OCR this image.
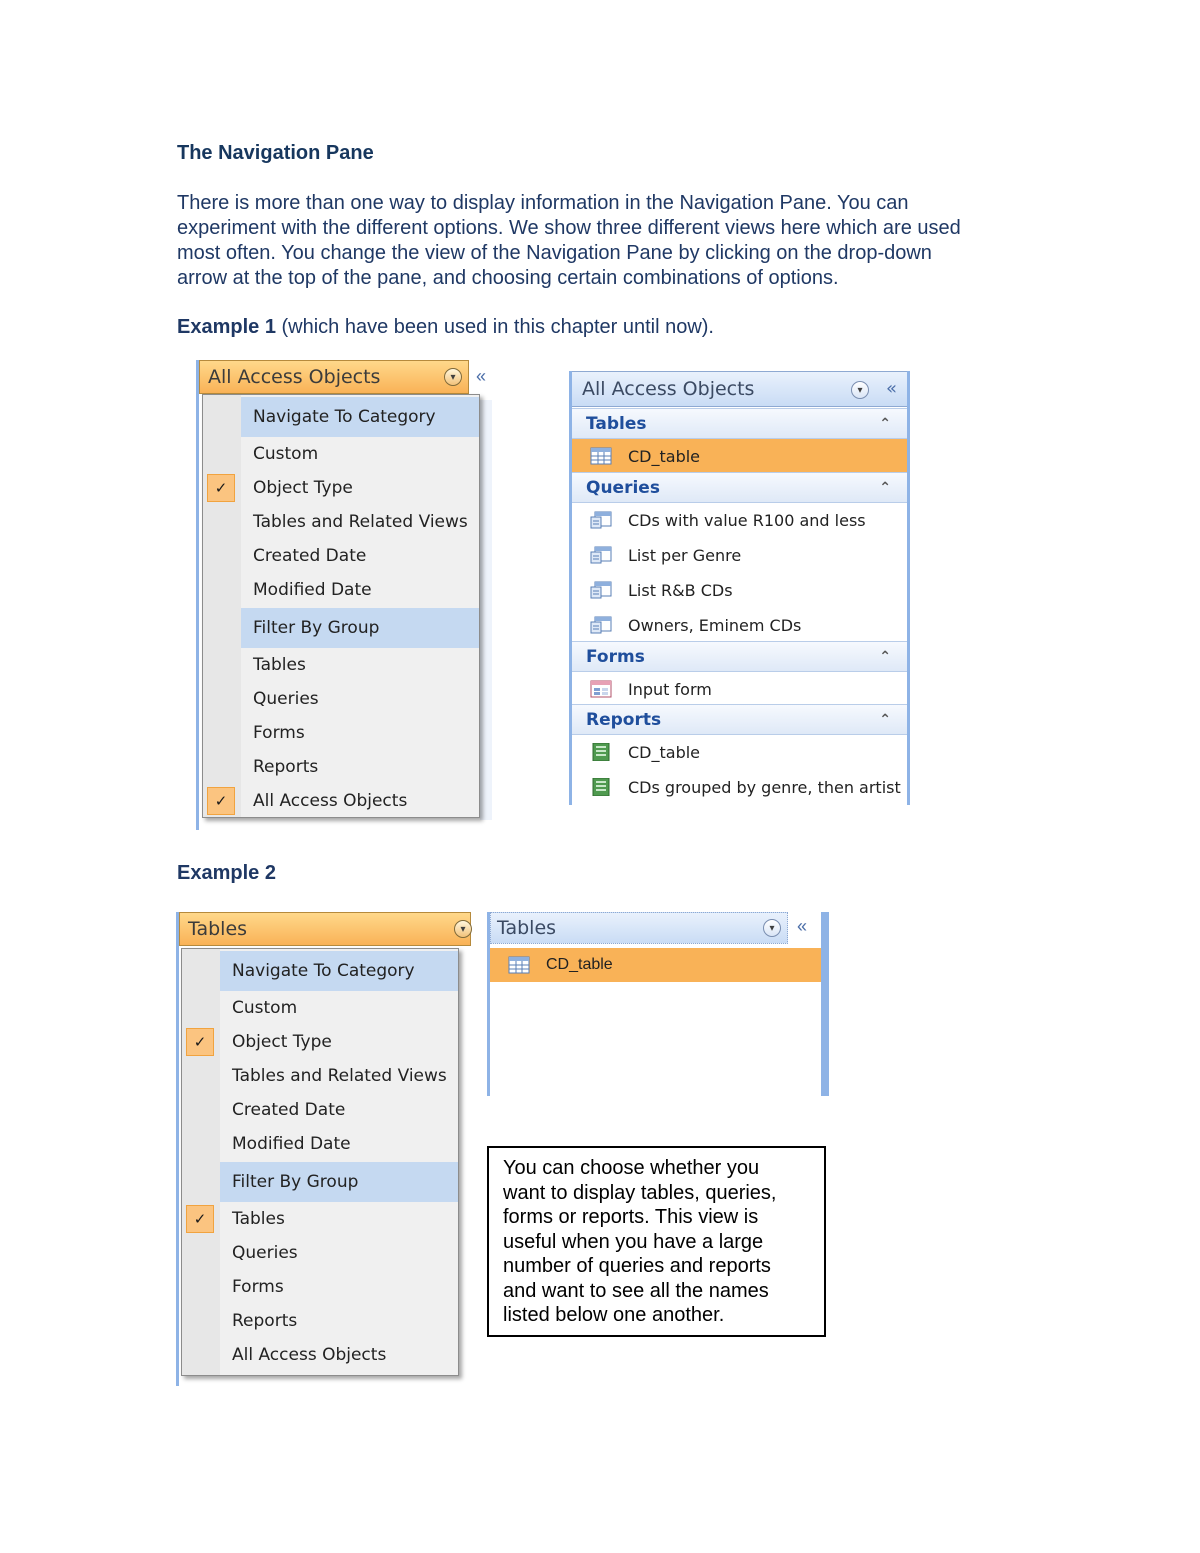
The Navigation Pane
There is more than one way to display information in the Navigation Pane. You can
experiment with the different options. We show three different views here which are used
most often. You change the view of the Navigation Pane by clicking on the drop-down
arrow at the top of the pane, and choosing certain combinations of options.
Example 1 (which have been used in this chapter until now).
All Access Objects	▾	«
Navigate To Category
Custom
✓	Object Type
Tables and Related Views
Created Date
Modified Date
Filter By Group
Tables
Queries
Forms
Reports
✓	All Access Objects
All Access Objects	▾	«
Tables	⌃
CD_table
Queries	⌃
CDs with value R100 and less
List per Genre
List R&B CDs
Owners, Eminem CDs
Forms	⌃
Input form
Reports	⌃
CD_table
CDs grouped by genre, then artist
Example 2
Tables	▾
Navigate To Category
Custom
✓	Object Type
Tables and Related Views
Created Date
Modified Date
Filter By Group
✓	Tables
Queries
Forms
Reports
All Access Objects
Tables	▾	«
CD_table
You can choose whether you
want to display tables, queries,
forms or reports. This view is
useful when you have a large
number of queries and reports
and want to see all the names
listed below one another.
